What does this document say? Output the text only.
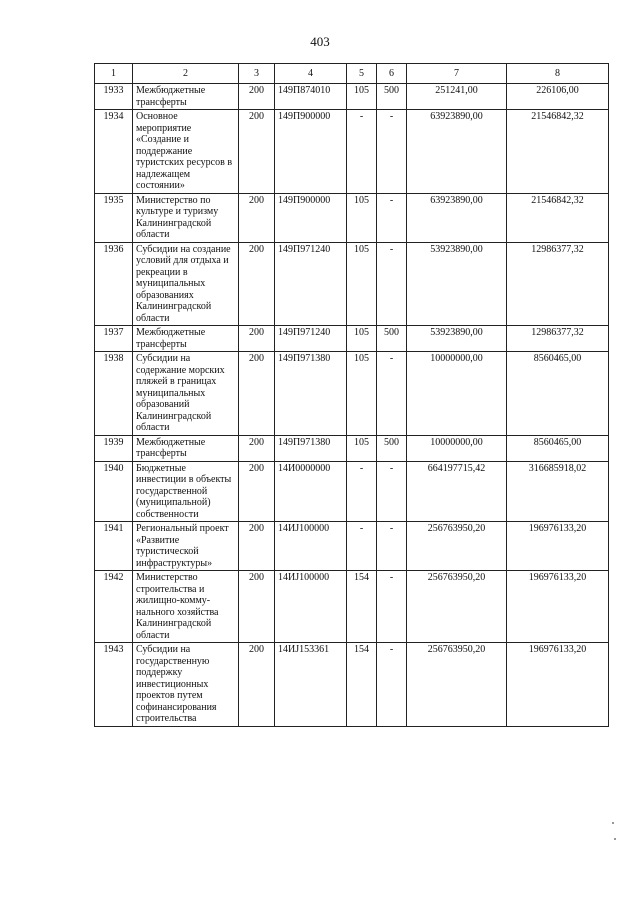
403
1	2	3	4	5	6	7	8
1933	Межбюджетные трансферты	200	149П874010	105	500	251241,00	226106,00
1934	Основное мероприятие «Создание и поддержание туристских ресурсов в надлежащем состоянии»	200	149П900000	-	-	63923890,00	21546842,32
1935	Министерство по культуре и туризму Калининградской области	200	149П900000	105	-	63923890,00	21546842,32
1936	Субсидии на создание условий для отдыха и рекреации в муниципальных образованиях Калининградской области	200	149П971240	105	-	53923890,00	12986377,32
1937	Межбюджетные трансферты	200	149П971240	105	500	53923890,00	12986377,32
1938	Субсидии на содержание морских пляжей в границах муниципальных образований Калининградской области	200	149П971380	105	-	10000000,00	8560465,00
1939	Межбюджетные трансферты	200	149П971380	105	500	10000000,00	8560465,00
1940	Бюджетные инвестиции в объекты государственной (муниципальной) собственности	200	14И0000000	-	-	664197715,42	316685918,02
1941	Региональный проект «Развитие туристической инфраструктуры»	200	14ИJ100000	-	-	256763950,20	196976133,20
1942	Министерство строительства и жилищно-комму-нального хозяйства Калининградской области	200	14ИJ100000	154	-	256763950,20	196976133,20
1943	Субсидии на государственную поддержку инвестиционных проектов путем софинансирования строительства	200	14ИJ153361	154	-	256763950,20	196976133,20
